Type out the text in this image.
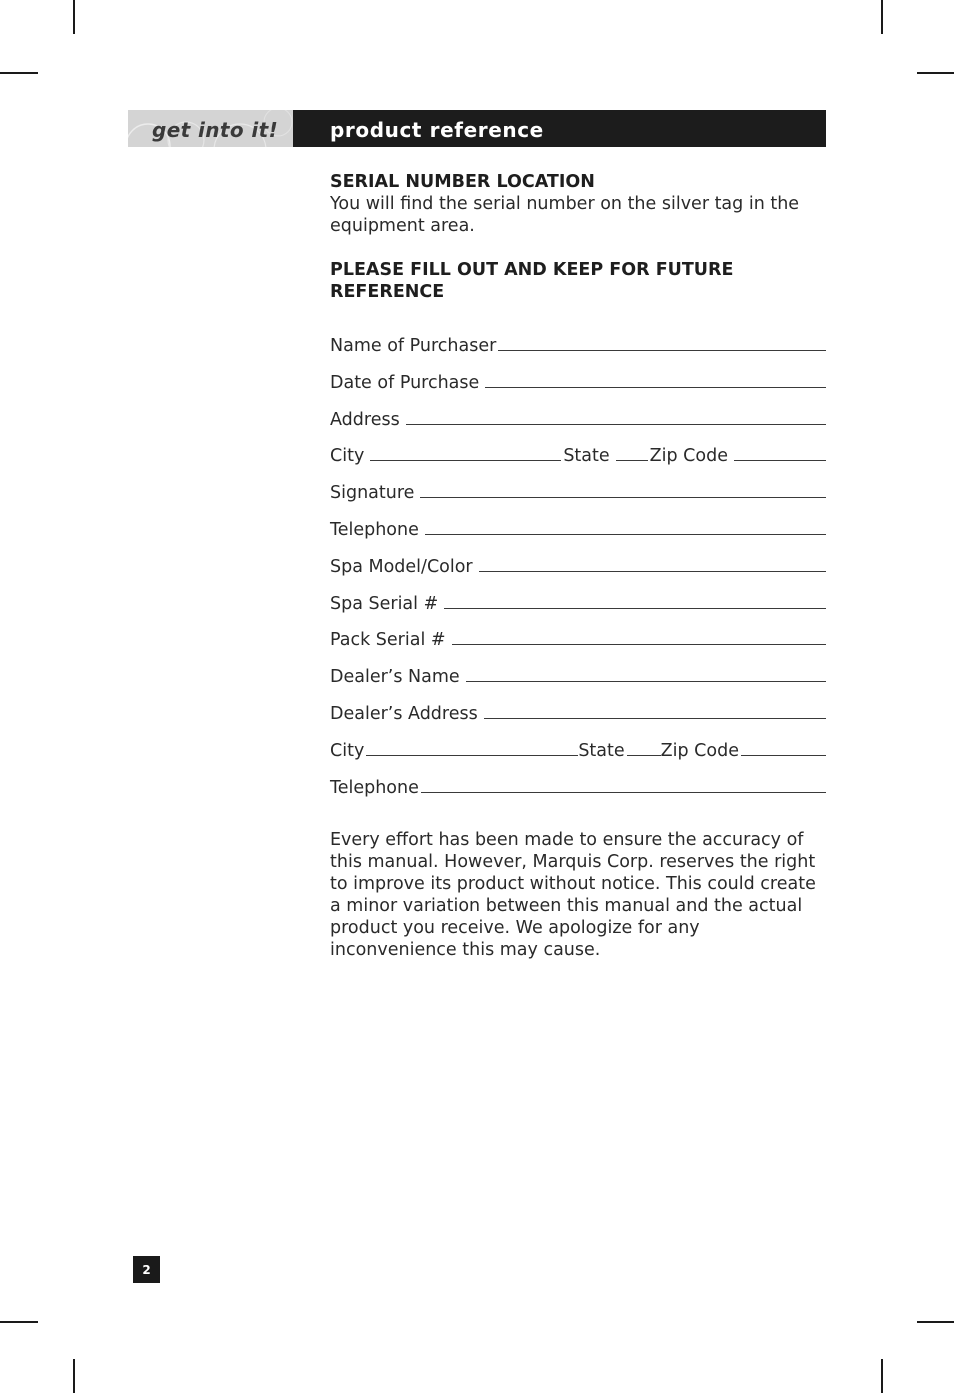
get into it!	product reference

SERIAL NUMBER LOCATION

You will find the serial number on the silver tag in the equipment area.

PLEASE FILL OUT AND KEEP FOR FUTURE REFERENCE

Name of Purchaser
Date of Purchase
Address
City	State Zip Code
Signature
Telephone
Spa Model/Color
Spa Serial #
Pack Serial #
Dealer’s Name
Dealer’s Address
City	State Zip Code
Telephone

Every effort has been made to ensure the accuracy of this manual. However, Marquis Corp. reserves the right to improve its product without notice. This could create a minor variation between this manual and the actual product you receive. We apologize for any inconvenience this may cause.

2
